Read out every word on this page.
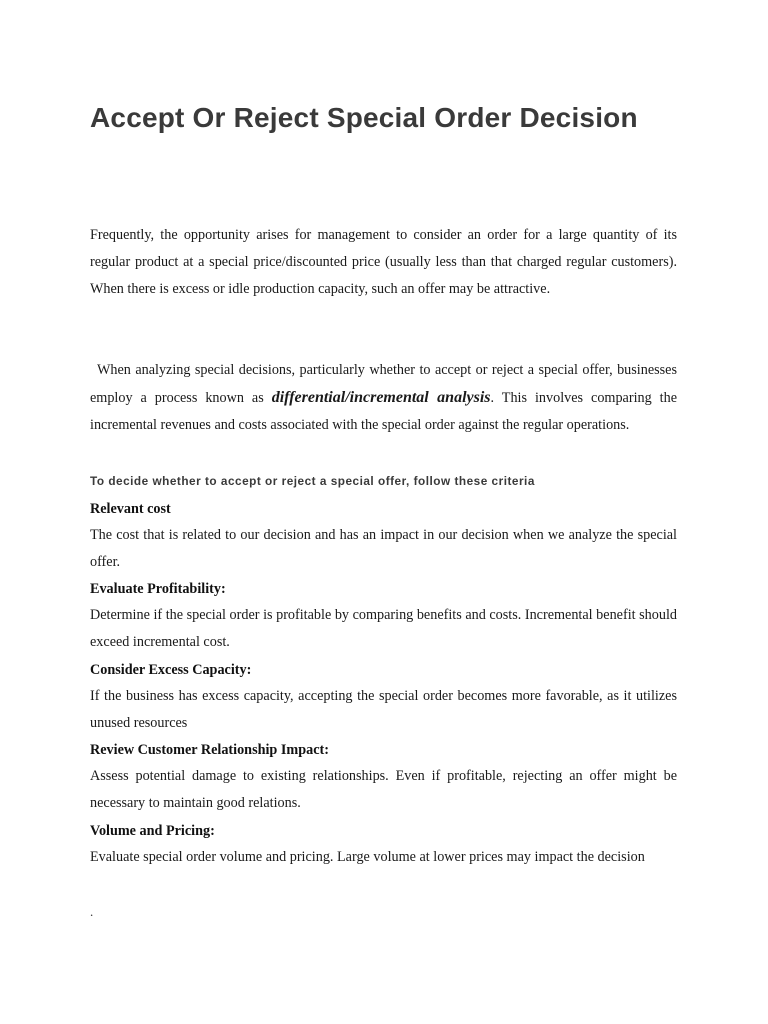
Accept Or Reject Special Order Decision

Frequently, the opportunity arises for management to consider an order for a large quantity of its regular product at a special price/discounted price (usually less than that charged regular customers). When there is excess or idle production capacity, such an offer may be attractive.

When analyzing special decisions, particularly whether to accept or reject a special offer, businesses employ a process known as differential/incremental analysis. This involves comparing the incremental revenues and costs associated with the special order against the regular operations.

To decide whether to accept or reject a special offer, follow these criteria

Relevant cost

The cost that is related to our decision and has an impact in our decision when we analyze the special offer.

Evaluate Profitability:

Determine if the special order is profitable by comparing benefits and costs. Incremental benefit should exceed incremental cost.

Consider Excess Capacity:

If the business has excess capacity, accepting the special order becomes more favorable, as it utilizes unused resources

Review Customer Relationship Impact:

Assess potential damage to existing relationships. Even if profitable, rejecting an offer might be necessary to maintain good relations.

Volume and Pricing:

Evaluate special order volume and pricing. Large volume at lower prices may impact the decision

.
